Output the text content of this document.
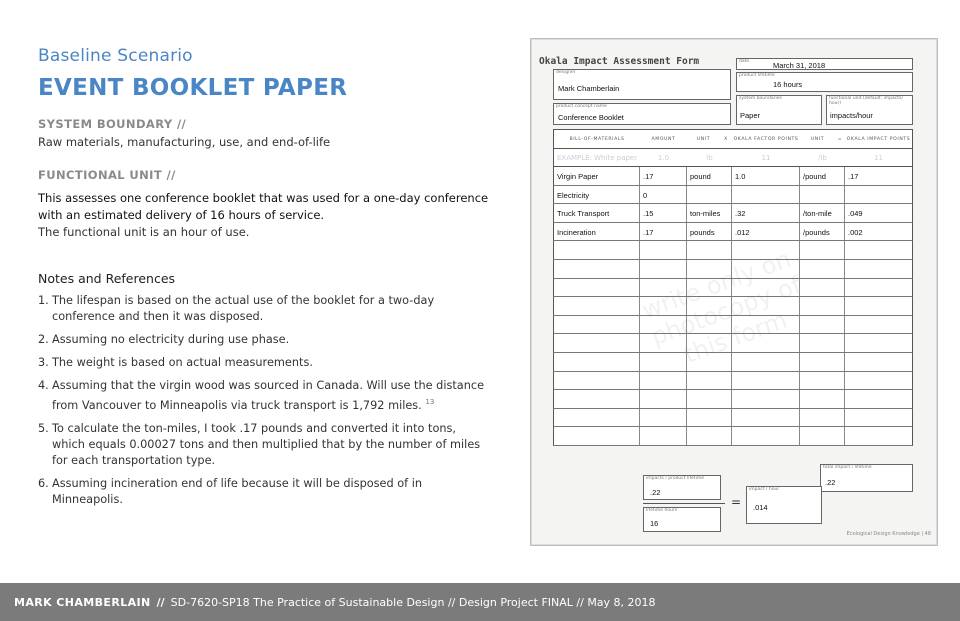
Baseline Scenario
EVENT BOOKLET PAPER
SYSTEM BOUNDARY //
Raw materials, manufacturing, use, and end-of-life
FUNCTIONAL UNIT //
This assesses one conference booklet that was used for a one-day conference with an estimated delivery of 16 hours of service.
The functional unit is an hour of use.
Notes and References
1. The lifespan is based on the actual use of the booklet for a two-day conference and then it was disposed.
2. Assuming no electricity during use phase.
3. The weight is based on actual measurements.
4. Assuming that the virgin wood was sourced in Canada. Will use the distance from Vancouver to Minneapolis via truck transport is 1,792 miles. $^{13}$
5. To calculate the ton-miles, I took .17 pounds and converted it into tons, which equals 0.00027 tons and then multiplied that by the number of miles for each transportation type.
6. Assuming incineration end of life because it will be disposed of in Minneapolis.
Okala Impact Assessment Form	date	March 31, 2018
designer
Mark Chamberlain
product lifetime
16 hours
product concept name
Conference Booklet
system boundaries
Paper
functional unit (default: impacts/ hour)
impacts/hour
BILL-OF-MATERIALS	AMOUNT	UNIT	X	OKALA FACTOR POINTS	UNIT	= OKALA IMPACT POINTS
EXAMPLE: White paper	1.0	lb	11	/lb	11
Virgin Paper	.17	pound	1.0	/pound	.17
Electricity	0
Truck Transport	.15	ton-miles	.32	/ton-mile	.049
Incineration	.17	pounds	.012	/pounds	.002
total impact / lifetime
.22
impacts / product lifetime
.22
=
lifetime hours
16
impact / hour
.014
Ecological Design Knowledge | 48
MARK CHAMBERLAIN // SD-7620-SP18 The Practice of Sustainable Design // Design Project FINAL // May 8, 2018
